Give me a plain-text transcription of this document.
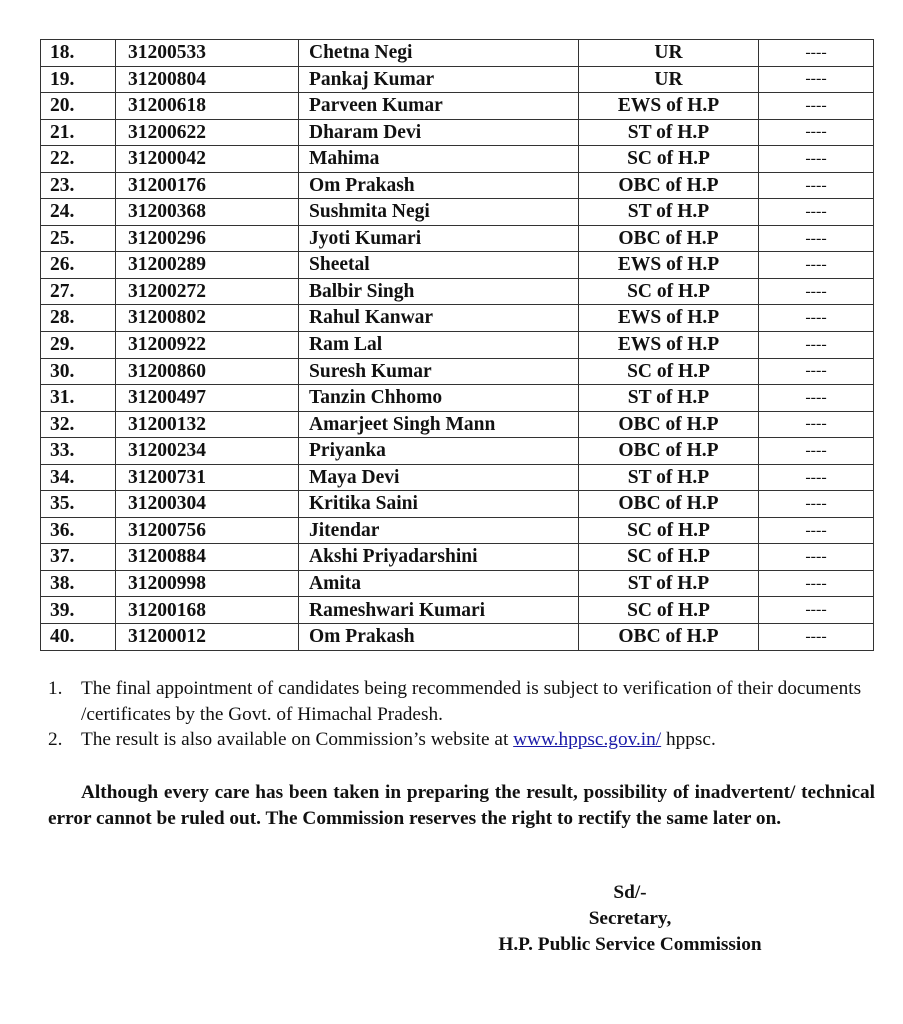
18.	31200533	Chetna Negi	UR	----
19.	31200804	Pankaj Kumar	UR	----
20.	31200618	Parveen Kumar	EWS of H.P	----
21.	31200622	Dharam Devi	ST of H.P	----
22.	31200042	Mahima	SC of H.P	----
23.	31200176	Om Prakash	OBC of H.P	----
24.	31200368	Sushmita Negi	ST of H.P	----
25.	31200296	Jyoti Kumari	OBC of H.P	----
26.	31200289	Sheetal	EWS of H.P	----
27.	31200272	Balbir Singh	SC of H.P	----
28.	31200802	Rahul Kanwar	EWS of H.P	----
29.	31200922	Ram Lal	EWS of H.P	----
30.	31200860	Suresh Kumar	SC of H.P	----
31.	31200497	Tanzin Chhomo	ST of H.P	----
32.	31200132	Amarjeet Singh Mann	OBC of H.P	----
33.	31200234	Priyanka	OBC of H.P	----
34.	31200731	Maya Devi	ST of H.P	----
35.	31200304	Kritika Saini	OBC of H.P	----
36.	31200756	Jitendar	SC of H.P	----
37.	31200884	Akshi Priyadarshini	SC of H.P	----
38.	31200998	Amita	ST of H.P	----
39.	31200168	Rameshwari Kumari	SC of H.P	----
40.	31200012	Om Prakash	OBC of H.P	----
1. The final appointment of candidates being recommended is subject to verification of their documents /certificates by the Govt. of Himachal Pradesh.
2. The result is also available on Commission’s website at www.hppsc.gov.in/ hppsc.

Although every care has been taken in preparing the result, possibility of inadvertent/ technical error cannot be ruled out. The Commission reserves the right to rectify the same later on.

Sd/-
Secretary,
H.P. Public Service Commission
